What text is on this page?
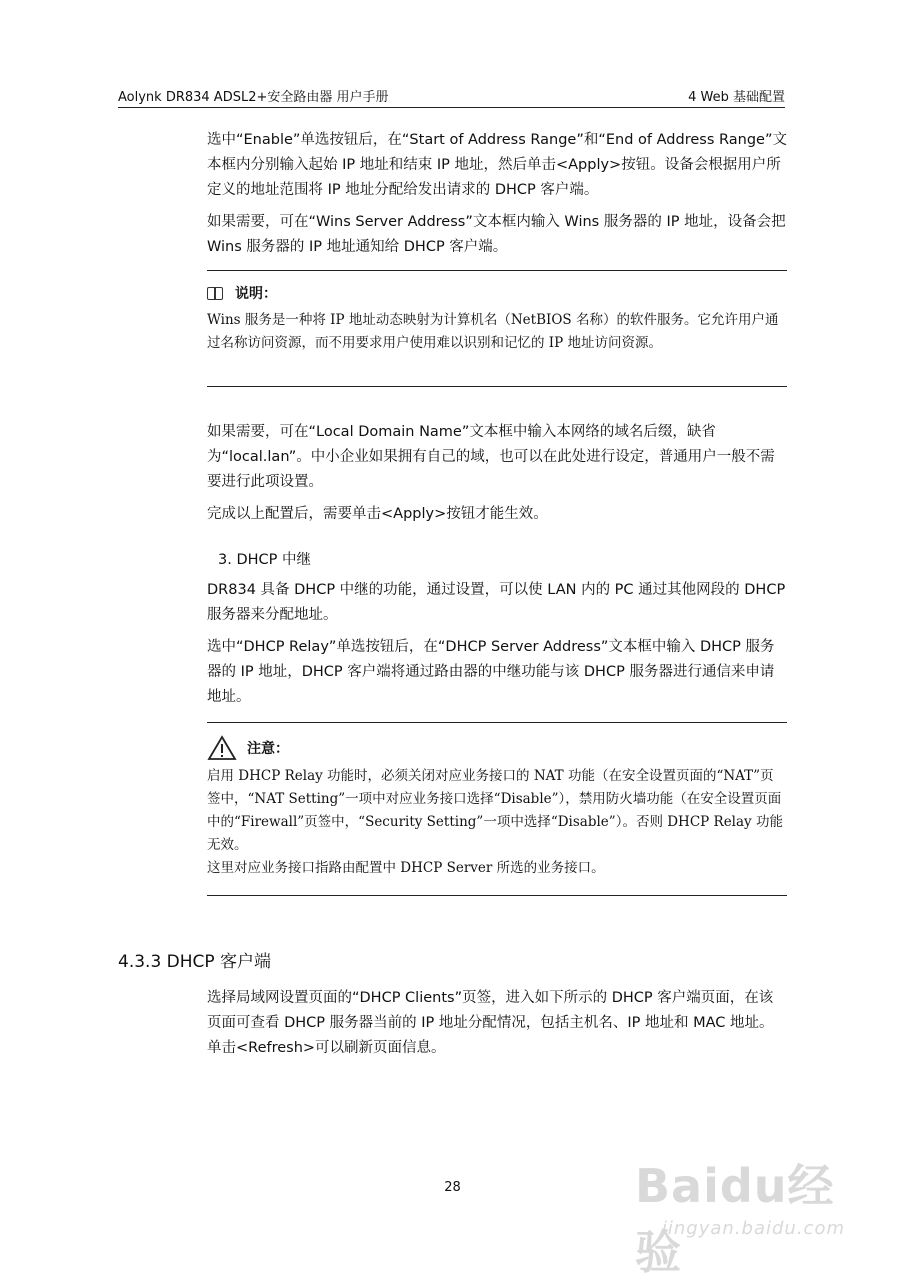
Aolynk DR834 ADSL2+安全路由器 用户手册	4 Web 基础配置

选中“Enable”单选按钮后，在“Start of Address Range”和“End of Address Range”文本框内分别输入起始 IP 地址和结束 IP 地址，然后单击<Apply>按钮。设备会根据用户所定义的地址范围将 IP 地址分配给发出请求的 DHCP 客户端。

如果需要，可在“Wins Server Address”文本框内输入 Wins 服务器的 IP 地址，设备会把 Wins 服务器的 IP 地址通知给 DHCP 客户端。

说明：

Wins 服务是一种将 IP 地址动态映射为计算机名（NetBIOS 名称）的软件服务。它允许用户通过名称访问资源，而不用要求用户使用难以识别和记忆的 IP 地址访问资源。

如果需要，可在“Local Domain Name”文本框中输入本网络的域名后缀，缺省为“local.lan”。中小企业如果拥有自己的域，也可以在此处进行设定，普通用户一般不需要进行此项设置。

完成以上配置后，需要单击<Apply>按钮才能生效。

3. DHCP 中继

DR834 具备 DHCP 中继的功能，通过设置，可以使 LAN 内的 PC 通过其他网段的 DHCP 服务器来分配地址。

选中“DHCP Relay”单选按钮后，在“DHCP Server Address”文本框中输入 DHCP 服务器的 IP 地址，DHCP 客户端将通过路由器的中继功能与该 DHCP 服务器进行通信来申请地址。

注意：

启用 DHCP Relay 功能时，必须关闭对应业务接口的 NAT 功能（在安全设置页面的“NAT”页签中，“NAT Setting”一项中对应业务接口选择“Disable”），禁用防火墙功能（在安全设置页面中的“Firewall”页签中，“Security Setting”一项中选择“Disable”）。否则 DHCP Relay 功能无效。

这里对应业务接口指路由配置中 DHCP Server 所选的业务接口。

4.3.3 DHCP 客户端

选择局域网设置页面的“DHCP Clients”页签，进入如下所示的 DHCP 客户端页面，在该页面可查看 DHCP 服务器当前的 IP 地址分配情况，包括主机名、IP 地址和 MAC 地址。单击<Refresh>可以刷新页面信息。

28	Baidu经验
jingyan.baidu.com
